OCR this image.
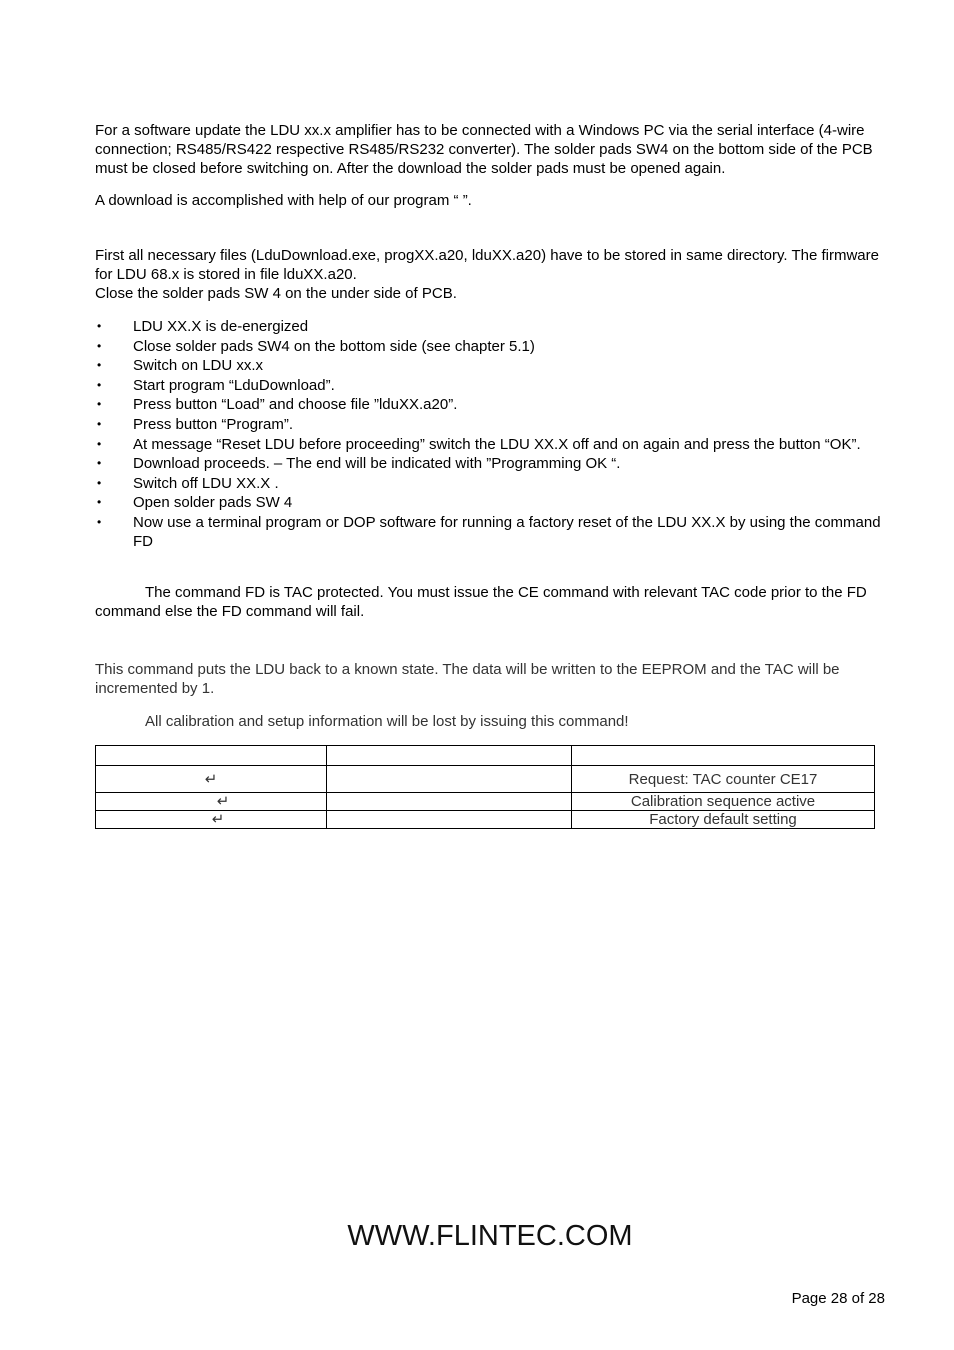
For a software update the LDU xx.x amplifier has to be connected with a Windows PC via the serial interface (4-wire connection; RS485/RS422 respective RS485/RS232 converter). The solder pads SW4 on the bottom side of the PCB must be closed before switching on. After the download the solder pads must be opened again.

A download is accomplished with help of our program “ ”.

First all necessary files (LduDownload.exe, progXX.a20, lduXX.a20) have to be stored in same directory. The firmware for LDU 68.x is stored in file lduXX.a20.

Close the solder pads SW 4 on the under side of PCB.

• LDU XX.X is de-energized
• Close solder pads SW4 on the bottom side (see chapter 5.1)
• Switch on LDU xx.x
• Start program “LduDownload”.
• Press button “Load” and choose file ”lduXX.a20”.
• Press button “Program”.
• At message “Reset LDU before proceeding” switch the LDU XX.X off and on again and press the button “OK”.
• Download proceeds. – The end will be indicated with ”Programming OK “.
• Switch off LDU XX.X .
• Open solder pads SW 4
• Now use a terminal program or DOP software for running a factory reset of the LDU XX.X by using the command FD

The command FD is TAC protected. You must issue the CE command with relevant TAC code prior to the FD command else the FD command will fail.

This command puts the LDU back to a known state. The data will be written to the EEPROM and the TAC will be incremented by 1.

All calibration and setup information will be lost by issuing this command!

↵		Request: TAC counter CE17
↵		Calibration sequence active
↵		Factory default setting
WWW.FLINTEC.COM
Page 28 of 28
